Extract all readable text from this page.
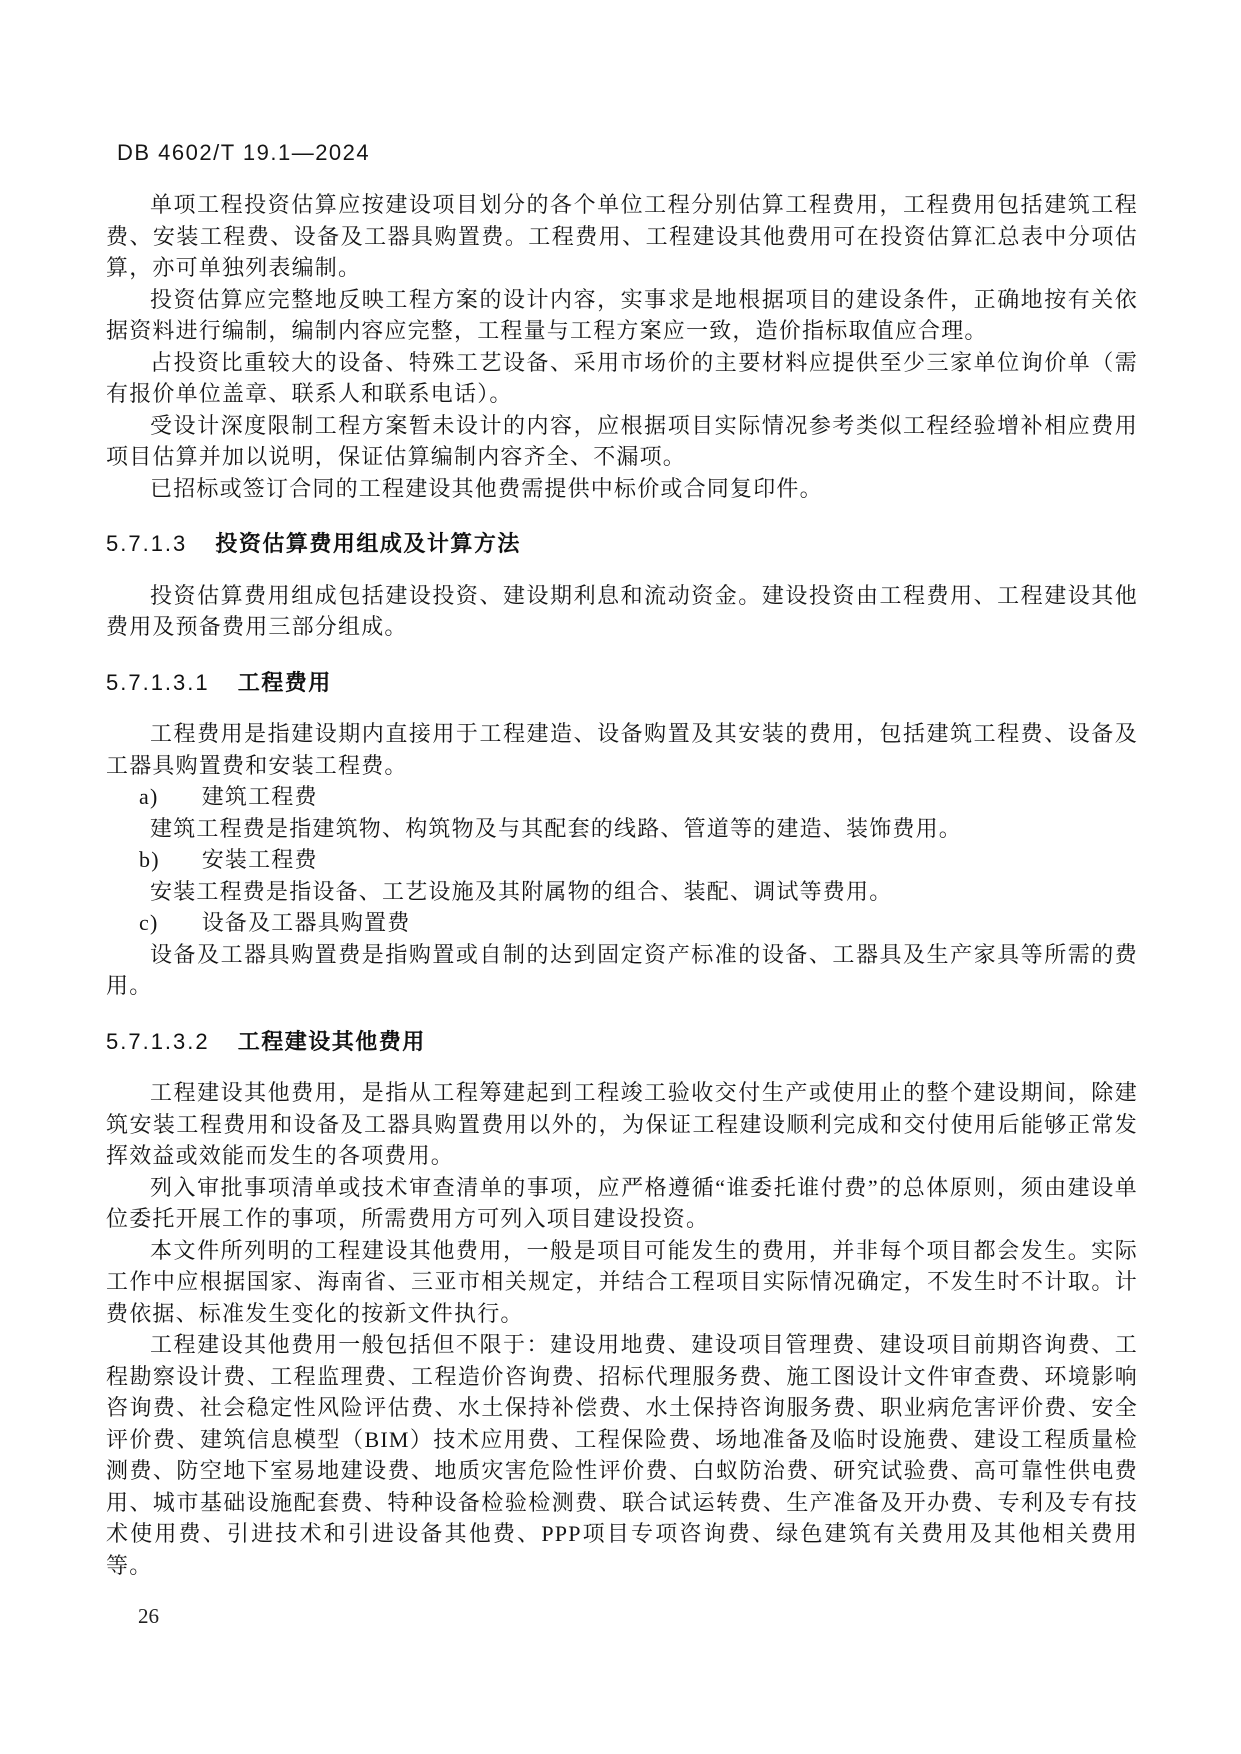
DB 4602/T 19.1—2024

单项工程投资估算应按建设项目划分的各个单位工程分别估算工程费用，工程费用包括建筑工程费、安装工程费、设备及工器具购置费。工程费用、工程建设其他费用可在投资估算汇总表中分项估算，亦可单独列表编制。

投资估算应完整地反映工程方案的设计内容，实事求是地根据项目的建设条件，正确地按有关依据资料进行编制，编制内容应完整，工程量与工程方案应一致，造价指标取值应合理。

占投资比重较大的设备、特殊工艺设备、采用市场价的主要材料应提供至少三家单位询价单（需有报价单位盖章、联系人和联系电话）。

受设计深度限制工程方案暂未设计的内容，应根据项目实际情况参考类似工程经验增补相应费用项目估算并加以说明，保证估算编制内容齐全、不漏项。

已招标或签订合同的工程建设其他费需提供中标价或合同复印件。

5.7.1.3 投资估算费用组成及计算方法

投资估算费用组成包括建设投资、建设期利息和流动资金。建设投资由工程费用、工程建设其他费用及预备费用三部分组成。

5.7.1.3.1 工程费用

工程费用是指建设期内直接用于工程建造、设备购置及其安装的费用，包括建筑工程费、设备及工器具购置费和安装工程费。

a) 建筑工程费

建筑工程费是指建筑物、构筑物及与其配套的线路、管道等的建造、装饰费用。

b) 安装工程费

安装工程费是指设备、工艺设施及其附属物的组合、装配、调试等费用。

c) 设备及工器具购置费

设备及工器具购置费是指购置或自制的达到固定资产标准的设备、工器具及生产家具等所需的费用。

5.7.1.3.2 工程建设其他费用

工程建设其他费用，是指从工程筹建起到工程竣工验收交付生产或使用止的整个建设期间，除建筑安装工程费用和设备及工器具购置费用以外的，为保证工程建设顺利完成和交付使用后能够正常发挥效益或效能而发生的各项费用。

列入审批事项清单或技术审查清单的事项，应严格遵循“谁委托谁付费”的总体原则，须由建设单位委托开展工作的事项，所需费用方可列入项目建设投资。

本文件所列明的工程建设其他费用，一般是项目可能发生的费用，并非每个项目都会发生。实际工作中应根据国家、海南省、三亚市相关规定，并结合工程项目实际情况确定，不发生时不计取。计费依据、标准发生变化的按新文件执行。

工程建设其他费用一般包括但不限于：建设用地费、建设项目管理费、建设项目前期咨询费、工程勘察设计费、工程监理费、工程造价咨询费、招标代理服务费、施工图设计文件审查费、环境影响咨询费、社会稳定性风险评估费、水土保持补偿费、水土保持咨询服务费、职业病危害评价费、安全评价费、建筑信息模型（BIM）技术应用费、工程保险费、场地准备及临时设施费、建设工程质量检测费、防空地下室易地建设费、地质灾害危险性评价费、白蚁防治费、研究试验费、高可靠性供电费用、城市基础设施配套费、特种设备检验检测费、联合试运转费、生产准备及开办费、专利及专有技术使用费、引进技术和引进设备其他费、PPP项目专项咨询费、绿色建筑有关费用及其他相关费用等。

26
